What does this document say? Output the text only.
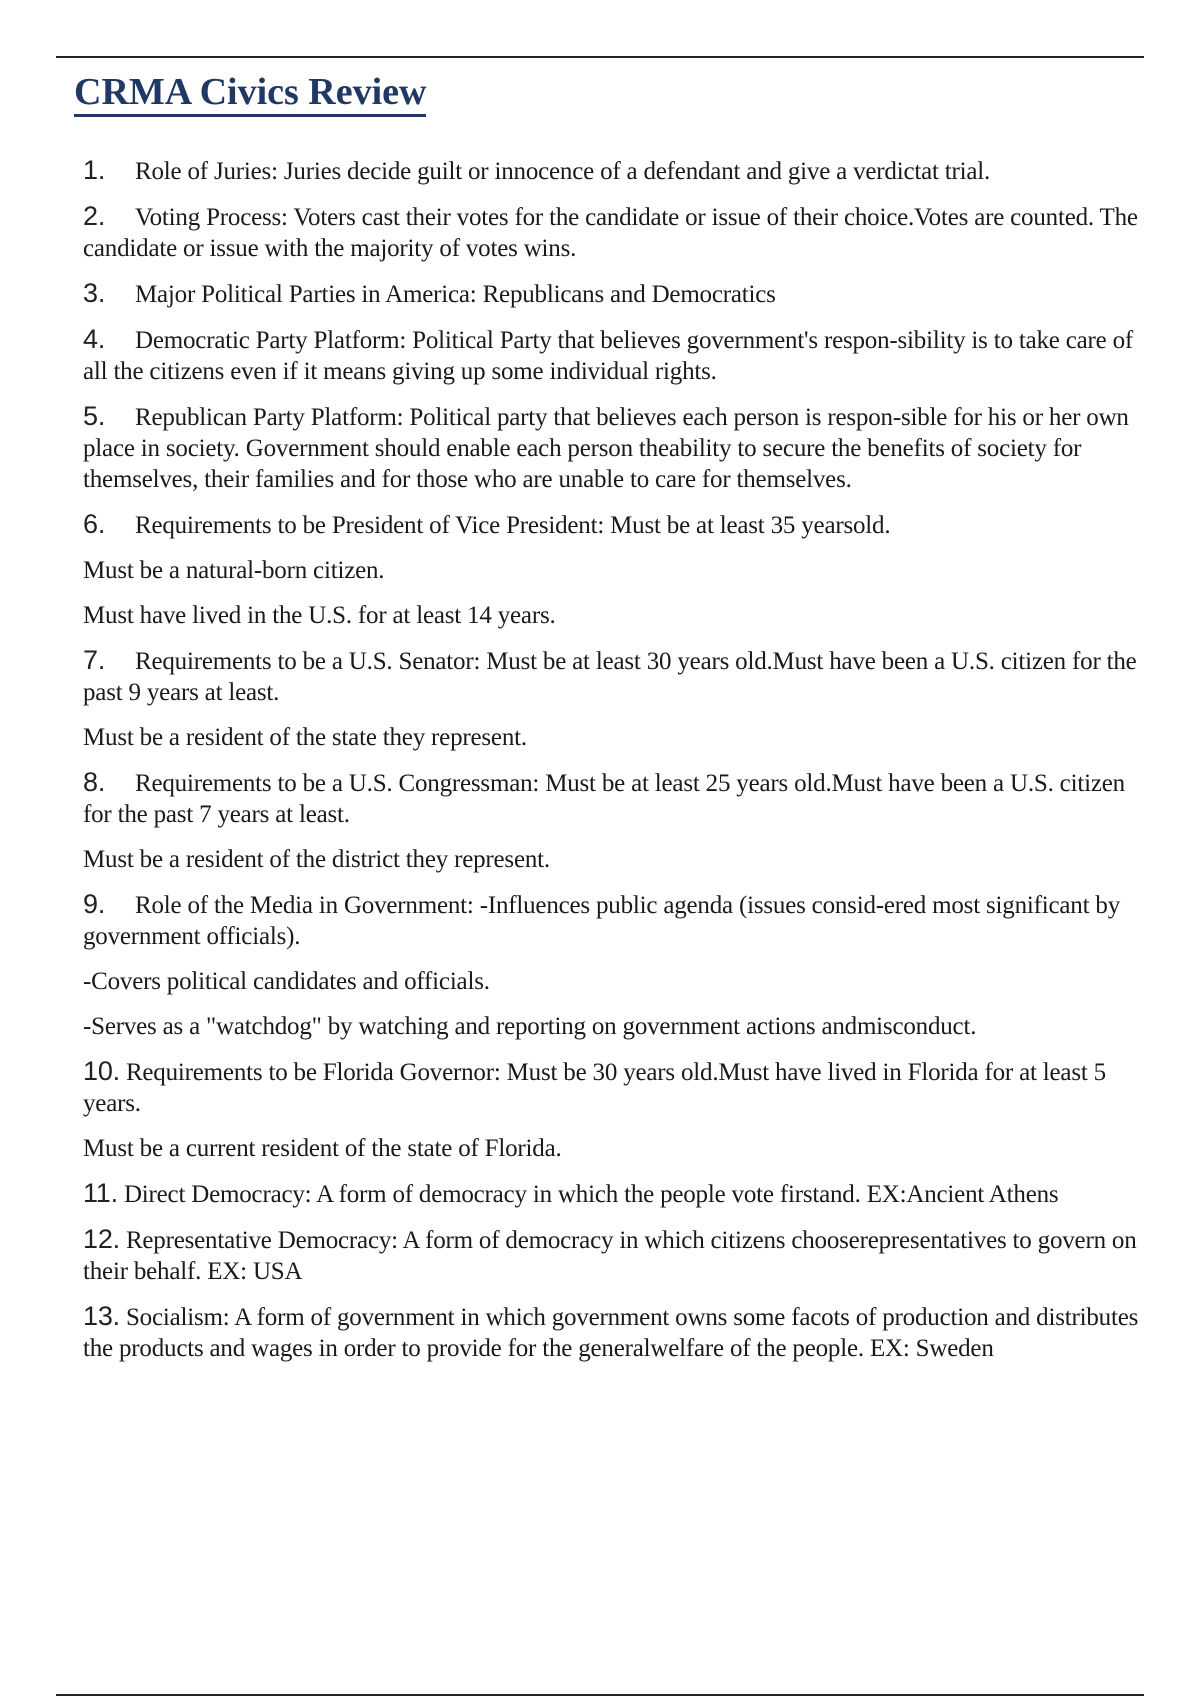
CRMA Civics Review

1. Role of Juries: Juries decide guilt or innocence of a defendant and give a verdictat trial.

2. Voting Process: Voters cast their votes for the candidate or issue of their choice.Votes are counted. The candidate or issue with the majority of votes wins.

3. Major Political Parties in America: Republicans and Democratics

4. Democratic Party Platform: Political Party that believes government's respon-sibility is to take care of all the citizens even if it means giving up some individual rights.

5. Republican Party Platform: Political party that believes each person is respon-sible for his or her own place in society. Government should enable each person theability to secure the benefits of society for themselves, their families and for those who are unable to care for themselves.

6. Requirements to be President of Vice President: Must be at least 35 yearsold.

Must be a natural-born citizen.

Must have lived in the U.S. for at least 14 years.

7. Requirements to be a U.S. Senator: Must be at least 30 years old.Must have been a U.S. citizen for the past 9 years at least.

Must be a resident of the state they represent.

8. Requirements to be a U.S. Congressman: Must be at least 25 years old.Must have been a U.S. citizen for the past 7 years at least.

Must be a resident of the district they represent.

9. Role of the Media in Government: -Influences public agenda (issues consid-ered most significant by government officials).

-Covers political candidates and officials.

-Serves as a "watchdog" by watching and reporting on government actions andmisconduct.

10. Requirements to be Florida Governor: Must be 30 years old.Must have lived in Florida for at least 5 years.

Must be a current resident of the state of Florida.

11. Direct Democracy: A form of democracy in which the people vote firstand. EX:Ancient Athens

12. Representative Democracy: A form of democracy in which citizens chooserepresentatives to govern on their behalf. EX: USA

13. Socialism: A form of government in which government owns some facots of production and distributes the products and wages in order to provide for the generalwelfare of the people. EX: Sweden
